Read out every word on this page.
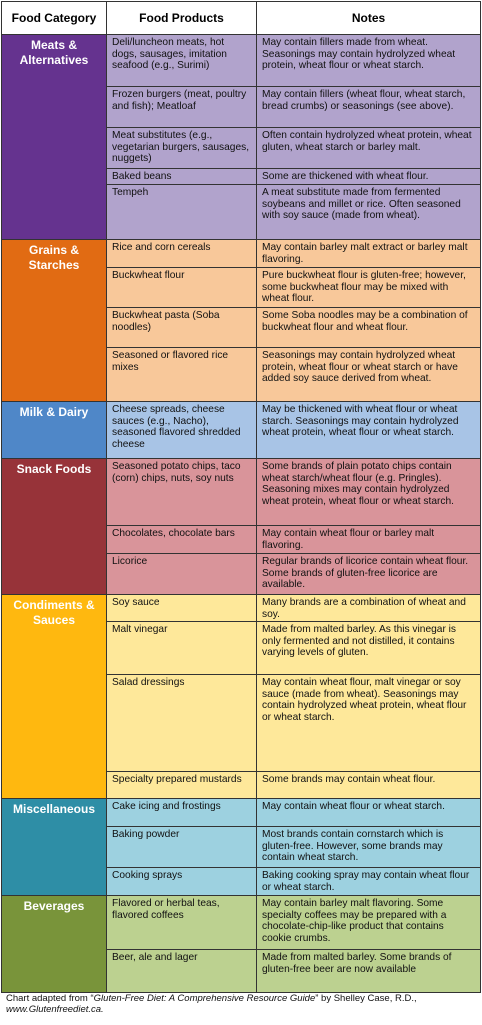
Food Category	Food Products	Notes
Meats & Alternatives	Deli/luncheon meats, hot dogs, sausages, imitation seafood (e.g., Surimi)	May contain fillers made from wheat. Seasonings may contain hydrolyzed wheat protein, wheat flour or wheat starch.
	Frozen burgers (meat, poultry and fish); Meatloaf	May contain fillers (wheat flour, wheat starch, bread crumbs) or seasonings (see above).
	Meat substitutes (e.g., vegetarian burgers, sausages, nuggets)	Often contain hydrolyzed wheat protein, wheat gluten, wheat starch or barley malt.
	Baked beans	Some are thickened with wheat flour.
	Tempeh	A meat substitute made from fermented soybeans and millet or rice. Often seasoned with soy sauce (made from wheat).
Grains & Starches	Rice and corn cereals	May contain barley malt extract or barley malt flavoring.
	Buckwheat flour	Pure buckwheat flour is gluten-free; however, some buckwheat flour may be mixed with wheat flour.
	Buckwheat pasta (Soba noodles)	Some Soba noodles may be a combination of buckwheat flour and wheat flour.
	Seasoned or flavored rice mixes	Seasonings may contain hydrolyzed wheat protein, wheat flour or wheat starch or have added soy sauce derived from wheat.
Milk & Dairy	Cheese spreads, cheese sauces (e.g., Nacho), seasoned flavored shredded cheese	May be thickened with wheat flour or wheat starch. Seasonings may contain hydrolyzed wheat protein, wheat flour or wheat starch.
Snack Foods	Seasoned potato chips, taco (corn) chips, nuts, soy nuts	Some brands of plain potato chips contain wheat starch/wheat flour (e.g. Pringles). Seasoning mixes may contain hydrolyzed wheat protein, wheat flour or wheat starch.
	Chocolates, chocolate bars	May contain wheat flour or barley malt flavoring.
	Licorice	Regular brands of licorice contain wheat flour. Some brands of gluten-free licorice are available.
Condiments & Sauces	Soy sauce	Many brands are a combination of wheat and soy.
	Malt vinegar	Made from malted barley. As this vinegar is only fermented and not distilled, it contains varying levels of gluten.
	Salad dressings	May contain wheat flour, malt vinegar or soy sauce (made from wheat). Seasonings may contain hydrolyzed wheat protein, wheat flour or wheat starch.
	Specialty prepared mustards	Some brands may contain wheat flour.
Miscellaneous	Cake icing and frostings	May contain wheat flour or wheat starch.
	Baking powder	Most brands contain cornstarch which is gluten-free. However, some brands may contain wheat starch.
	Cooking sprays	Baking cooking spray may contain wheat flour or wheat starch.
Beverages	Flavored or herbal teas, flavored coffees	May contain barley malt flavoring. Some specialty coffees may be prepared with a chocolate-chip-like product that contains cookie crumbs.
	Beer, ale and lager	Made from malted barley. Some brands of gluten-free beer are now available
Chart adapted from “Gluten-Free Diet: A Comprehensive Resource Guide” by Shelley Case, R.D.,
www.Glutenfreediet.ca.
